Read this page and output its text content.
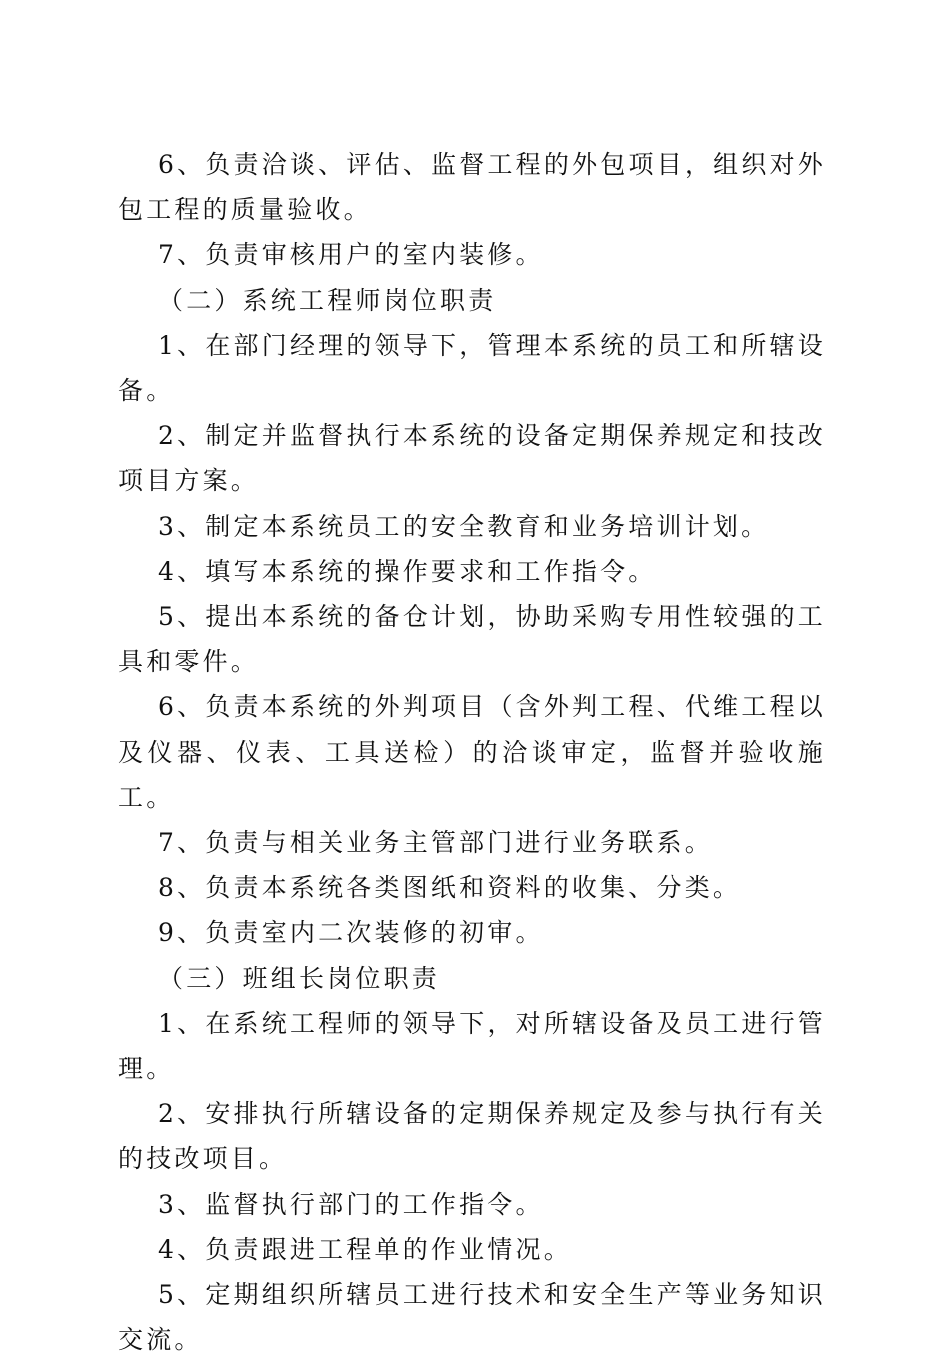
6、负责洽谈、评估、监督工程的外包项目，组织对外包工程的质量验收。

7、负责审核用户的室内装修。

（二）系统工程师岗位职责

1、在部门经理的领导下，管理本系统的员工和所辖设备。

2、制定并监督执行本系统的设备定期保养规定和技改项目方案。

3、制定本系统员工的安全教育和业务培训计划。

4、填写本系统的操作要求和工作指令。

5、提出本系统的备仓计划，协助采购专用性较强的工具和零件。

6、负责本系统的外判项目（含外判工程、代维工程以及仪器、仪表、工具送检）的洽谈审定，监督并验收施工。

7、负责与相关业务主管部门进行业务联系。

8、负责本系统各类图纸和资料的收集、分类。

9、负责室内二次装修的初审。

（三）班组长岗位职责

1、在系统工程师的领导下，对所辖设备及员工进行管理。

2、安排执行所辖设备的定期保养规定及参与执行有关的技改项目。

3、监督执行部门的工作指令。

4、负责跟进工程单的作业情况。

5、定期组织所辖员工进行技术和安全生产等业务知识交流。
